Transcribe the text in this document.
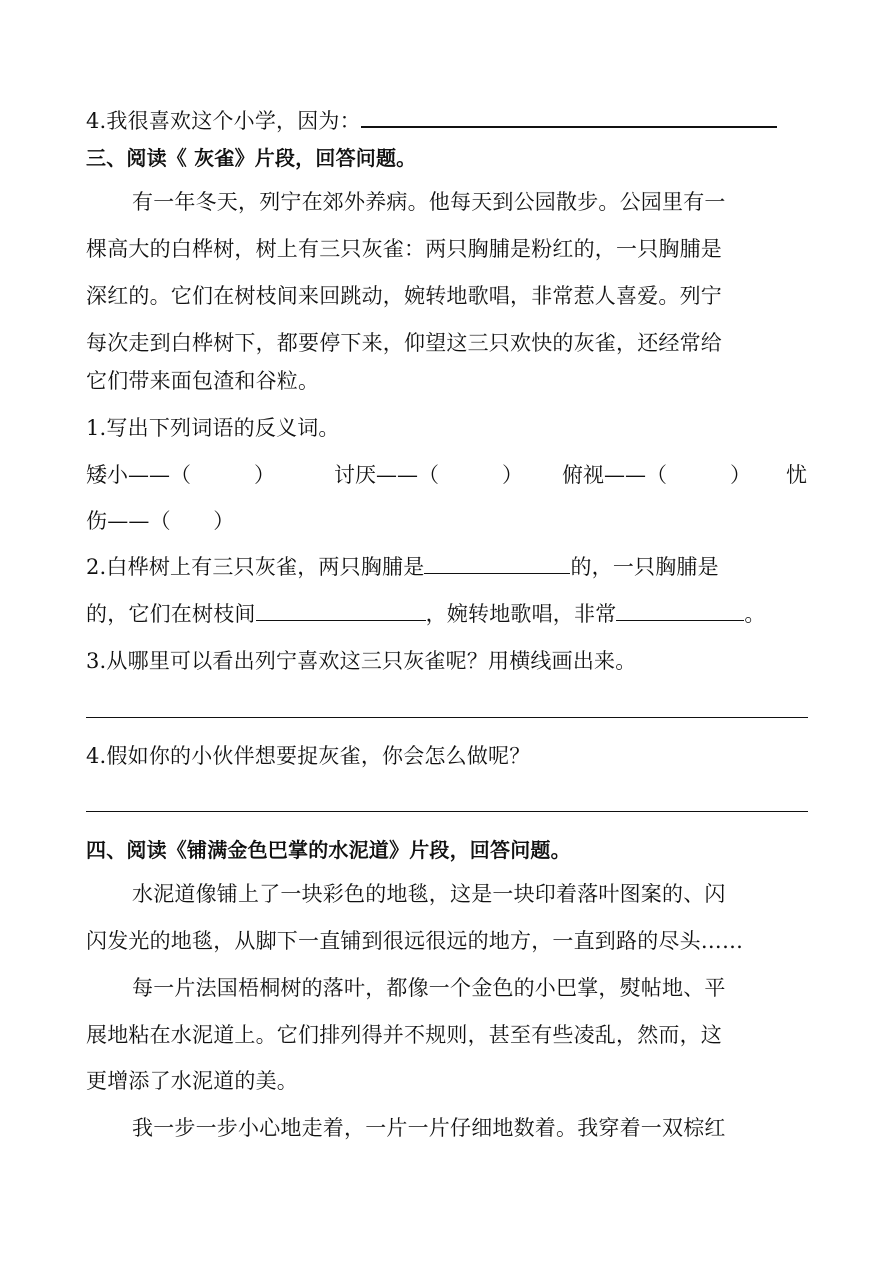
4.我很喜欢这个小学，因为：
三、阅读《 灰雀》片段，回答问题。
有一年冬天，列宁在郊外养病。他每天到公园散步。公园里有一
棵高大的白桦树，树上有三只灰雀：两只胸脯是粉红的，一只胸脯是
深红的。它们在树枝间来回跳动，婉转地歌唱，非常惹人喜爱。列宁
每次走到白桦树下，都要停下来，仰望这三只欢快的灰雀，还经常给
它们带来面包渣和谷粒。
1.写出下列词语的反义词。
矮小——（　　　）	讨厌——（　　　） 俯视——（　　　） 忧
伤——（　　）
2.白桦树上有三只灰雀，两只胸脯是	的，一只胸脯是
的，它们在树枝间	，婉转地歌唱，非常	。
3.从哪里可以看出列宁喜欢这三只灰雀呢？用横线画出来。
4.假如你的小伙伴想要捉灰雀，你会怎么做呢？
四、阅读《铺满金色巴掌的水泥道》片段，回答问题。
水泥道像铺上了一块彩色的地毯，这是一块印着落叶图案的、闪
闪发光的地毯，从脚下一直铺到很远很远的地方，一直到路的尽头……
每一片法国梧桐树的落叶，都像一个金色的小巴掌，熨帖地、平
展地粘在水泥道上。它们排列得并不规则，甚至有些凌乱，然而，这
更增添了水泥道的美。
我一步一步小心地走着，一片一片仔细地数着。我穿着一双棕红
